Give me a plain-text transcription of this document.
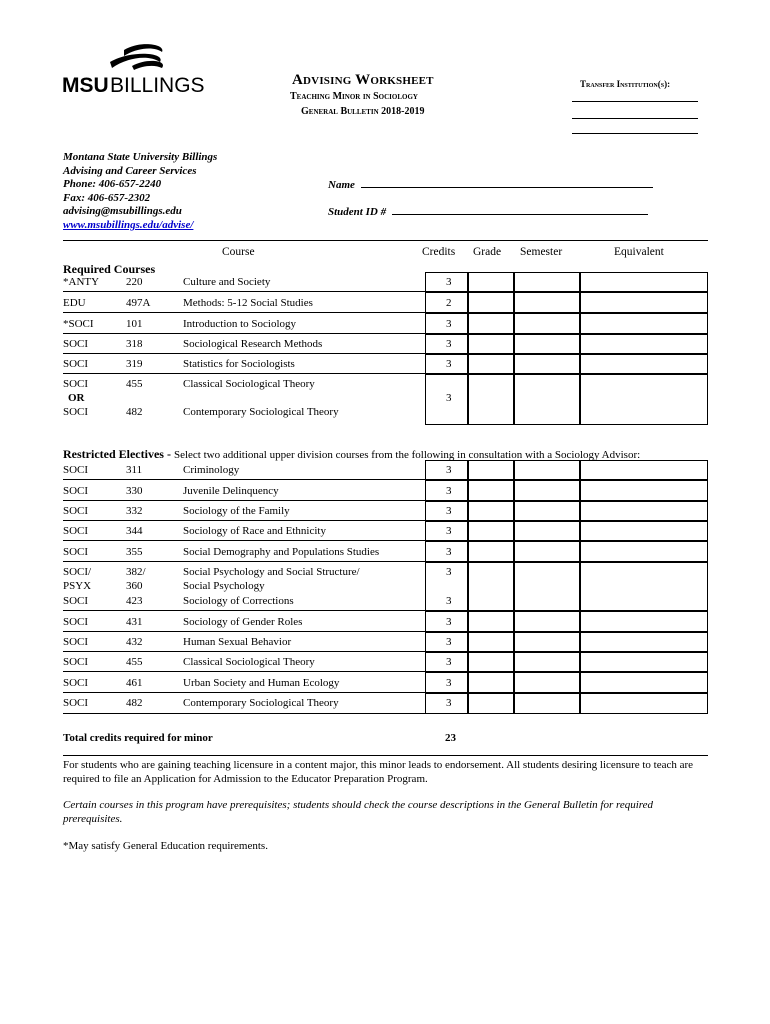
MSU BILLINGS	Advising Worksheet
Teaching Minor in Sociology
General Bulletin 2018-2019
Transfer Institution(s):
Montana State University Billings
Advising and Career Services
Phone: 406-657-2240
Fax: 406-657-2302
advising@msubillings.edu
www.msubillings.edu/advise/
Name
Student ID #
Course	Credits Grade Semester	Equivalent
Required Courses
*ANTY 220	Culture and Society	3
EDU	497A	Methods: 5-12 Social Studies	2
*SOCI	101	Introduction to Sociology	3
SOCI	318	Sociological Research Methods	3
SOCI	319	Statistics for Sociologists	3
SOCI	455	Classical Sociological Theory
OR	3
SOCI	482	Contemporary Sociological Theory
Restricted Electives - Select two additional upper division courses from the following in consultation with a Sociology Advisor:
SOCI	311	Criminology	3
SOCI	330	Juvenile Delinquency	3
SOCI	332	Sociology of the Family	3
SOCI	344	Sociology of Race and Ethnicity	3
SOCI	355	Social Demography and Populations Studies	3
SOCI/	382/	Social Psychology and Social Structure/	3
PSYX	360	Social Psychology
SOCI	423	Sociology of Corrections	3
SOCI	431	Sociology of Gender Roles	3
SOCI	432	Human Sexual Behavior	3
SOCI	455	Classical Sociological Theory	3
SOCI	461	Urban Society and Human Ecology	3
SOCI	482	Contemporary Sociological Theory	3
Total credits required for minor	23
For students who are gaining teaching licensure in a content major, this minor leads to endorsement. All students desiring licensure to teach are required to file an Application for Admission to the Educator Preparation Program.
Certain courses in this program have prerequisites; students should check the course descriptions in the General Bulletin for required prerequisites.
*May satisfy General Education requirements.
